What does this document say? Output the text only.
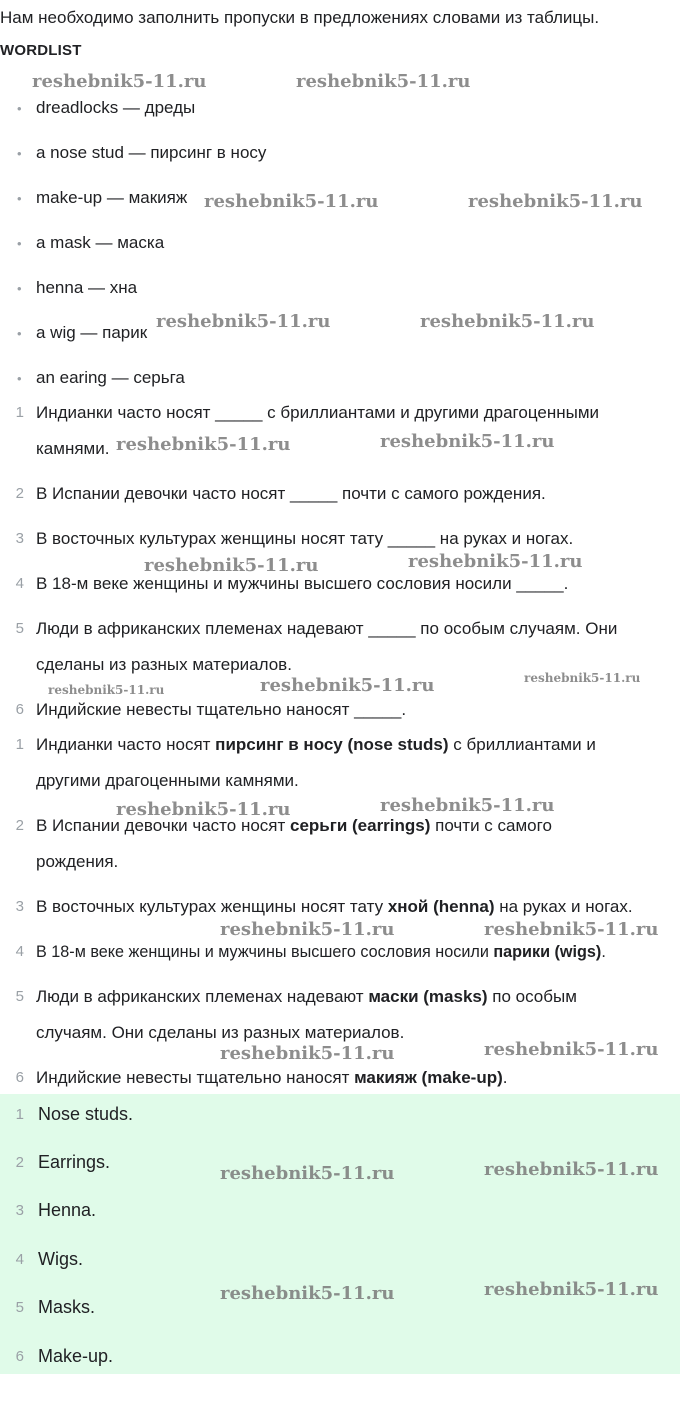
Нам необходимо заполнить пропуски в предложениях словами из таблицы.
WORDLIST
• dreadlocks — дреды
• a nose stud — пирсинг в носу
• make-up — макияж
• a mask — маска
• henna — хна
• a wig — парик
• an earing — серьга
1 Индианки часто носят _____ с бриллиантами и другими драгоценными
камнями.
2 В Испании девочки часто носят _____ почти с самого рождения.
3 В восточных культурах женщины носят тату _____ на руках и ногах.
4 В 18-м веке женщины и мужчины высшего сословия носили _____.
5 Люди в африканских племенах надевают _____ по особым случаям. Они
сделаны из разных материалов.
6 Индийские невесты тщательно наносят _____.
1 Индианки часто носят пирсинг в носу (nose studs) с бриллиантами и
другими драгоценными камнями.
2 В Испании девочки часто носят серьги (earrings) почти с самого
рождения.
3 В восточных культурах женщины носят тату хной (henna) на руках и ногах.
4 В 18-м веке женщины и мужчины высшего сословия носили парики (wigs).
5 Люди в африканских племенах надевают маски (masks) по особым
случаям. Они сделаны из разных материалов.
6 Индийские невесты тщательно наносят макияж (make-up).
1 Nose studs.
2 Earrings.
3 Henna.
4 Wigs.
5 Masks.
6 Make-up.
reshebnik5-11.ru	reshebnik5-11.ru
reshebnik5-11.ru	reshebnik5-11.ru
reshebnik5-11.ru	reshebnik5-11.ru
reshebnik5-11.ru	reshebnik5-11.ru
reshebnik5-11.ru	reshebnik5-11.ru
reshebnik5-11.ru	reshebnik5-11.ru	reshebnik5-11.ru
reshebnik5-11.ru	reshebnik5-11.ru
reshebnik5-11.ru	reshebnik5-11.ru
reshebnik5-11.ru	reshebnik5-11.ru
reshebnik5-11.ru	reshebnik5-11.ru
reshebnik5-11.ru	reshebnik5-11.ru
